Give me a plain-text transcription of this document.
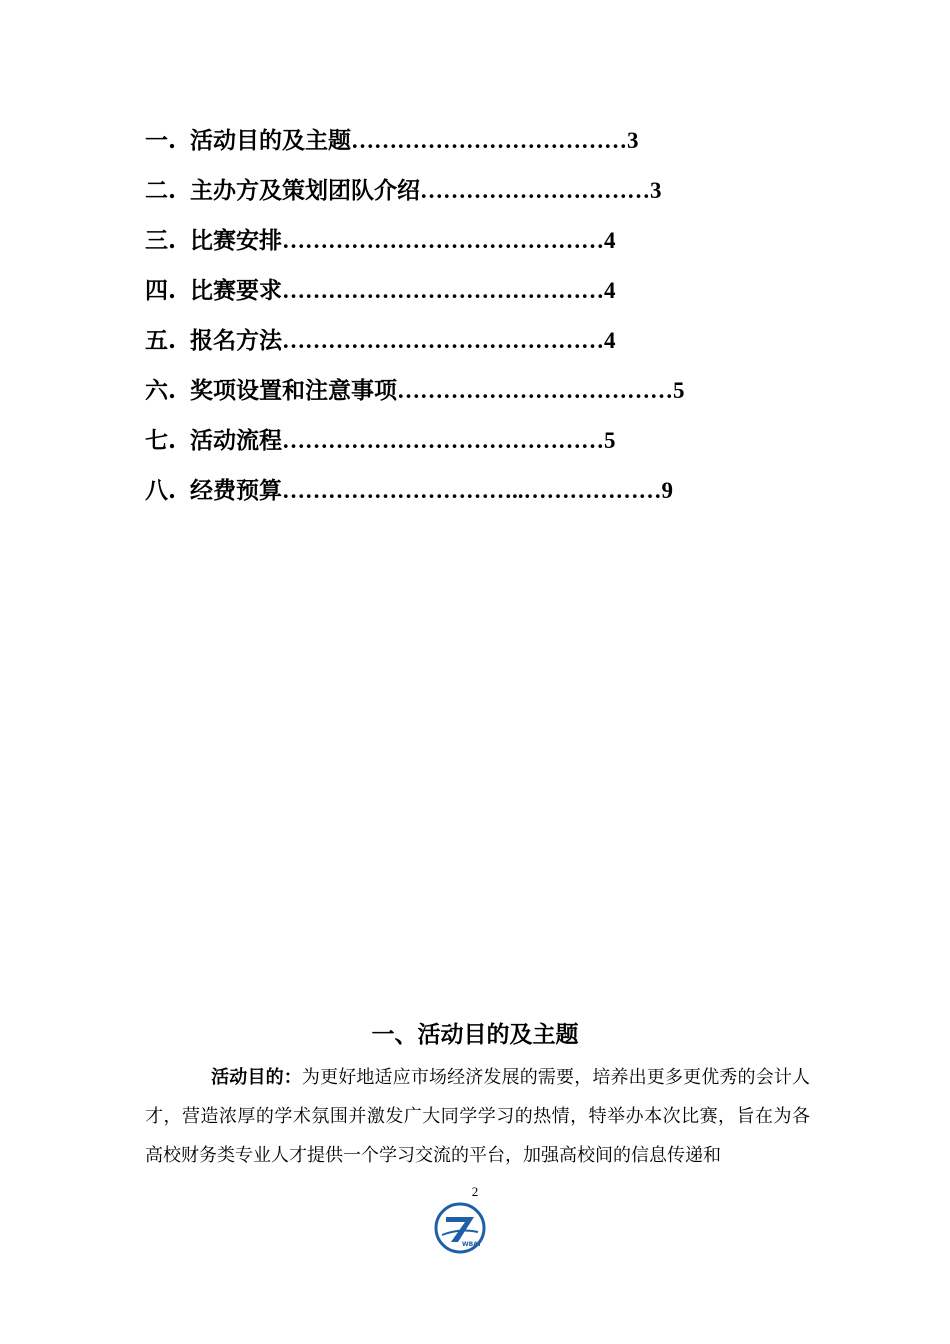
一. 活动目的及主题………………………………3
二. 主办方及策划团队介绍…………………………3
三. 比赛安排……………………………………4
四. 比赛要求……………………………………4
五. 报名方法……………………………………4
六. 奖项设置和注意事项………………………………5
七. 活动流程……………………………………5
八. 经费预算…………………………..………………9
一、活动目的及主题
活动目的：为更好地适应市场经济发展的需要，培养出更多更优秀的会计人才，营造浓厚的学术氛围并激发广大同学学习的热情，特举办本次比赛，旨在为各高校财务类专业人才提供一个学习交流的平台，加强高校间的信息传递和
2
WBAT
